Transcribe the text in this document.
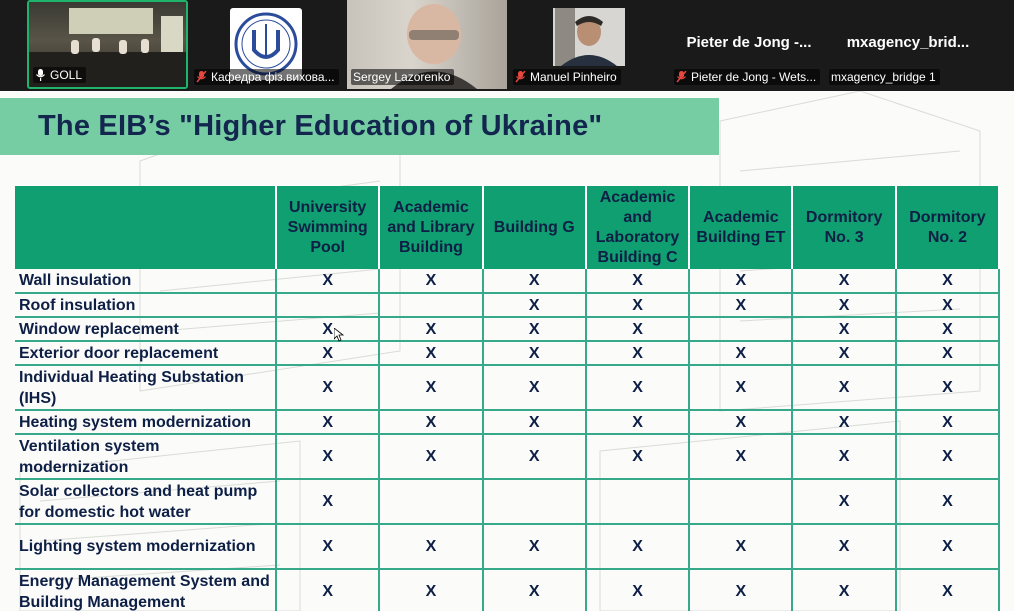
GOLL	Кафедра фіз.вихова... Sergey Lazorenko	Manuel Pinheiro
Pieter de Jong -...
Pieter de Jong - Wets...
mxagency_brid...
mxagency_bridge 1
The EIB’s "Higher Education of Ukraine"
	University Swimming Pool	Academic and Library Building	Building G	Academic and Laboratory Building C	Academic Building ET	Dormitory No. 3	Dormitory No. 2
Wall insulation	X	X	X	X	X	X	X
Roof insulation			X	X	X	X	X
Window replacement	X	X	X	X		X	X
Exterior door replacement	X	X	X	X	X	X	X
Individual Heating Substation (IHS)	X	X	X	X	X	X	X
Heating system modernization	X	X	X	X	X	X	X
Ventilation system modernization	X	X	X	X	X	X	X
Solar collectors and heat pump for domestic hot water	X					X	X
Lighting system modernization	X	X	X	X	X	X	X
Energy Management System and Building Management	X	X	X	X	X	X	X
